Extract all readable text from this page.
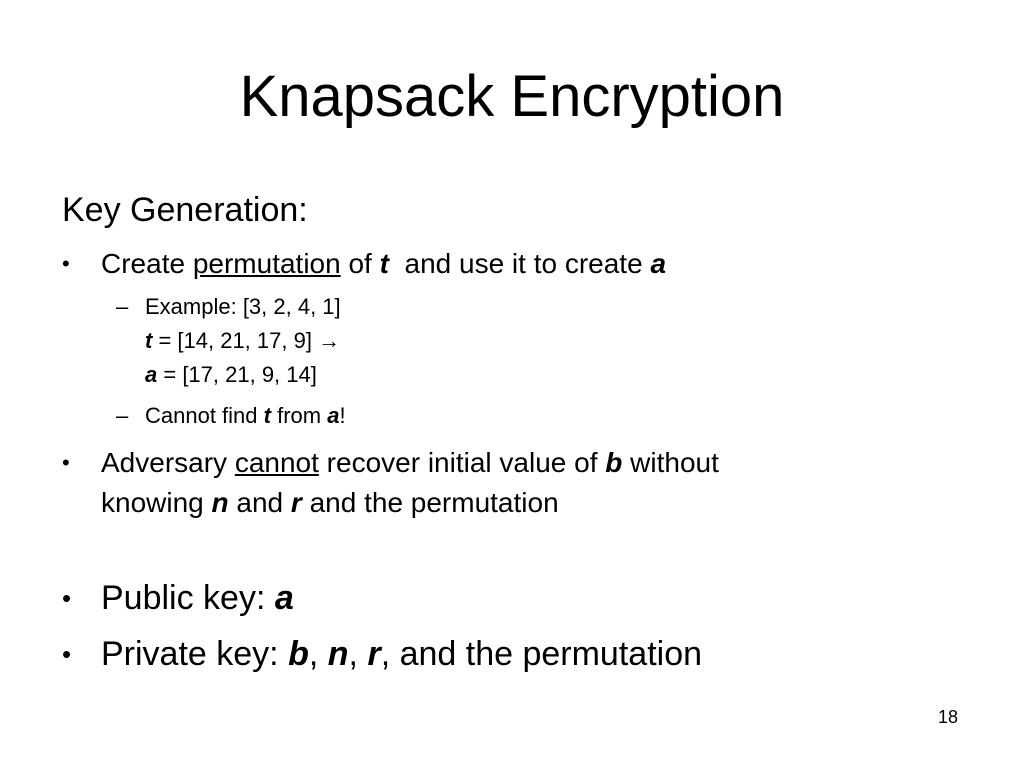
Knapsack Encryption
Key Generation:
• Create permutation of t  and use it to create a
– Example: [3, 2, 4, 1]
t = [14, 21, 17, 9] →
a = [17, 21, 9, 14]
– Cannot find t from a!
• Adversary cannot recover initial value of b without
knowing n and r and the permutation
• Public key: a
• Private key: b, n, r, and the permutation
18
